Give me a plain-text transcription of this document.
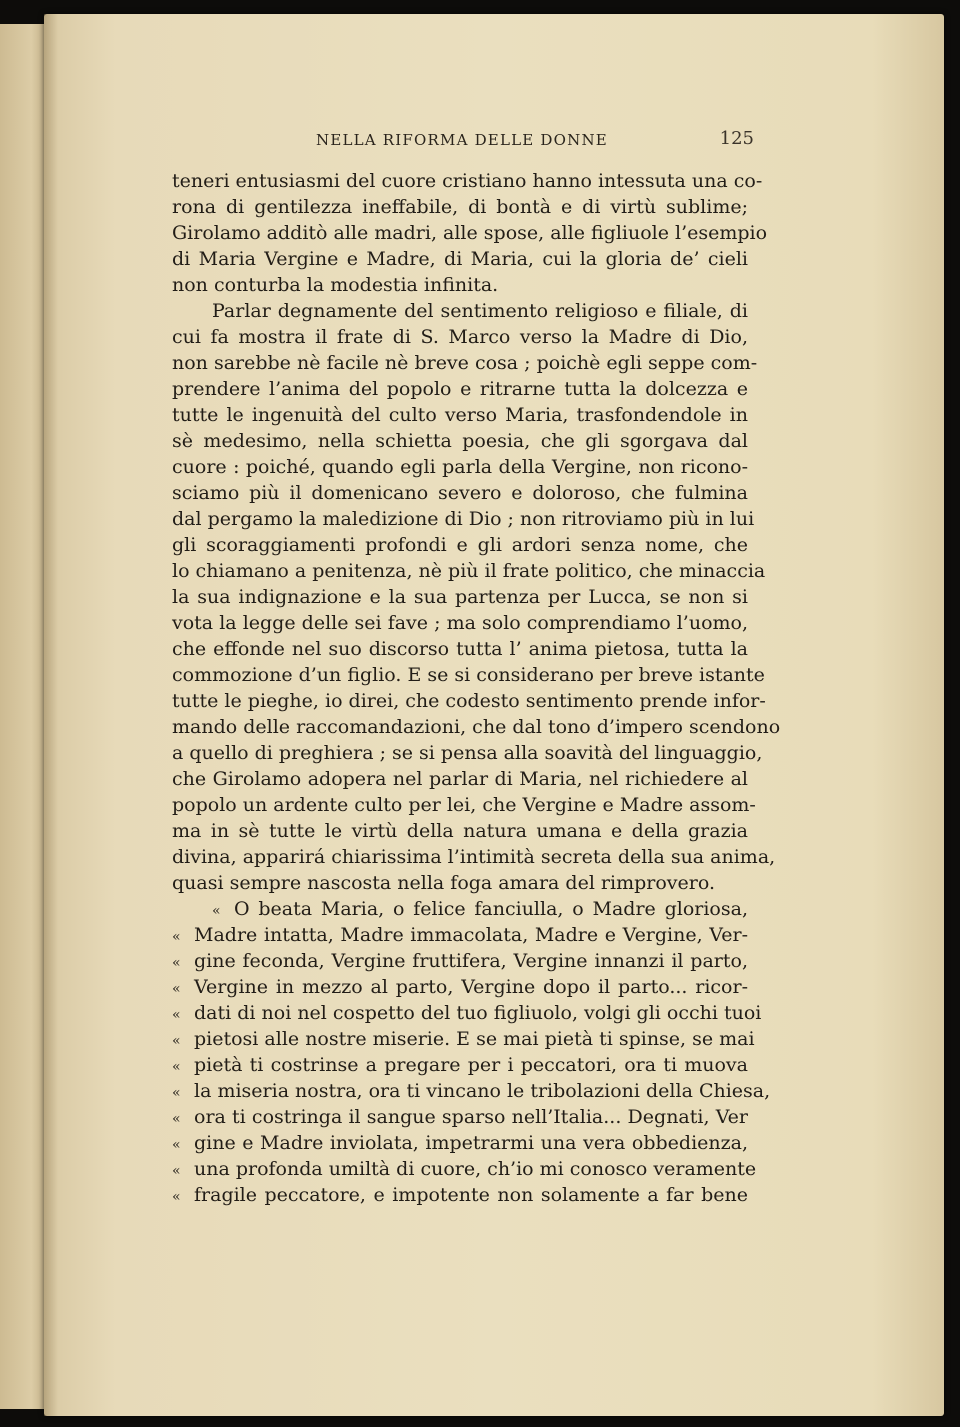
NELLA RIFORMA DELLE DONNE	125
teneri entusiasmi del cuore cristiano hanno intessuta una co-
rona di gentilezza ineffabile, di bontà e di virtù sublime;
Girolamo additò alle madri, alle spose, alle figliuole l’esempio
di Maria Vergine e Madre, di Maria, cui la gloria de’ cieli
non conturba la modestia infinita.
Parlar degnamente del sentimento religioso e filiale, di
cui fa mostra il frate di S. Marco verso la Madre di Dio,
non sarebbe nè facile nè breve cosa ; poichè egli seppe com-
prendere l’anima del popolo e ritrarne tutta la dolcezza e
tutte le ingenuità del culto verso Maria, trasfondendole in
sè medesimo, nella schietta poesia, che gli sgorgava dal
cuore : poiché, quando egli parla della Vergine, non ricono-
sciamo più il domenicano severo e doloroso, che fulmina
dal pergamo la maledizione di Dio ; non ritroviamo più in lui
gli scoraggiamenti profondi e gli ardori senza nome, che
lo chiamano a penitenza, nè più il frate politico, che minaccia
la sua indignazione e la sua partenza per Lucca, se non si
vota la legge delle sei fave ; ma solo comprendiamo l’uomo,
che effonde nel suo discorso tutta l’ anima pietosa, tutta la
commozione d’un figlio. E se si considerano per breve istante
tutte le pieghe, io direi, che codesto sentimento prende infor-
mando delle raccomandazioni, che dal tono d’impero scendono
a quello di preghiera ; se si pensa alla soavità del linguaggio,
che Girolamo adopera nel parlar di Maria, nel richiedere al
popolo un ardente culto per lei, che Vergine e Madre assom-
ma in sè tutte le virtù della natura umana e della grazia
divina, apparirá chiarissima l’intimità secreta della sua anima,
quasi sempre nascosta nella foga amara del rimprovero.
« O beata Maria, o felice fanciulla, o Madre gloriosa,
« Madre intatta, Madre immacolata, Madre e Vergine, Ver-
« gine feconda, Vergine fruttifera, Vergine innanzi il parto,
« Vergine in mezzo al parto, Vergine dopo il parto... ricor-
« dati di noi nel cospetto del tuo figliuolo, volgi gli occhi tuoi
« pietosi alle nostre miserie. E se mai pietà ti spinse, se mai
« pietà ti costrinse a pregare per i peccatori, ora ti muova
« la miseria nostra, ora ti vincano le tribolazioni della Chiesa,
« ora ti costringa il sangue sparso nell’Italia... Degnati, Ver
« gine e Madre inviolata, impetrarmi una vera obbedienza,
« una profonda umiltà di cuore, ch’io mi conosco veramente
« fragile peccatore, e impotente non solamente a far bene
